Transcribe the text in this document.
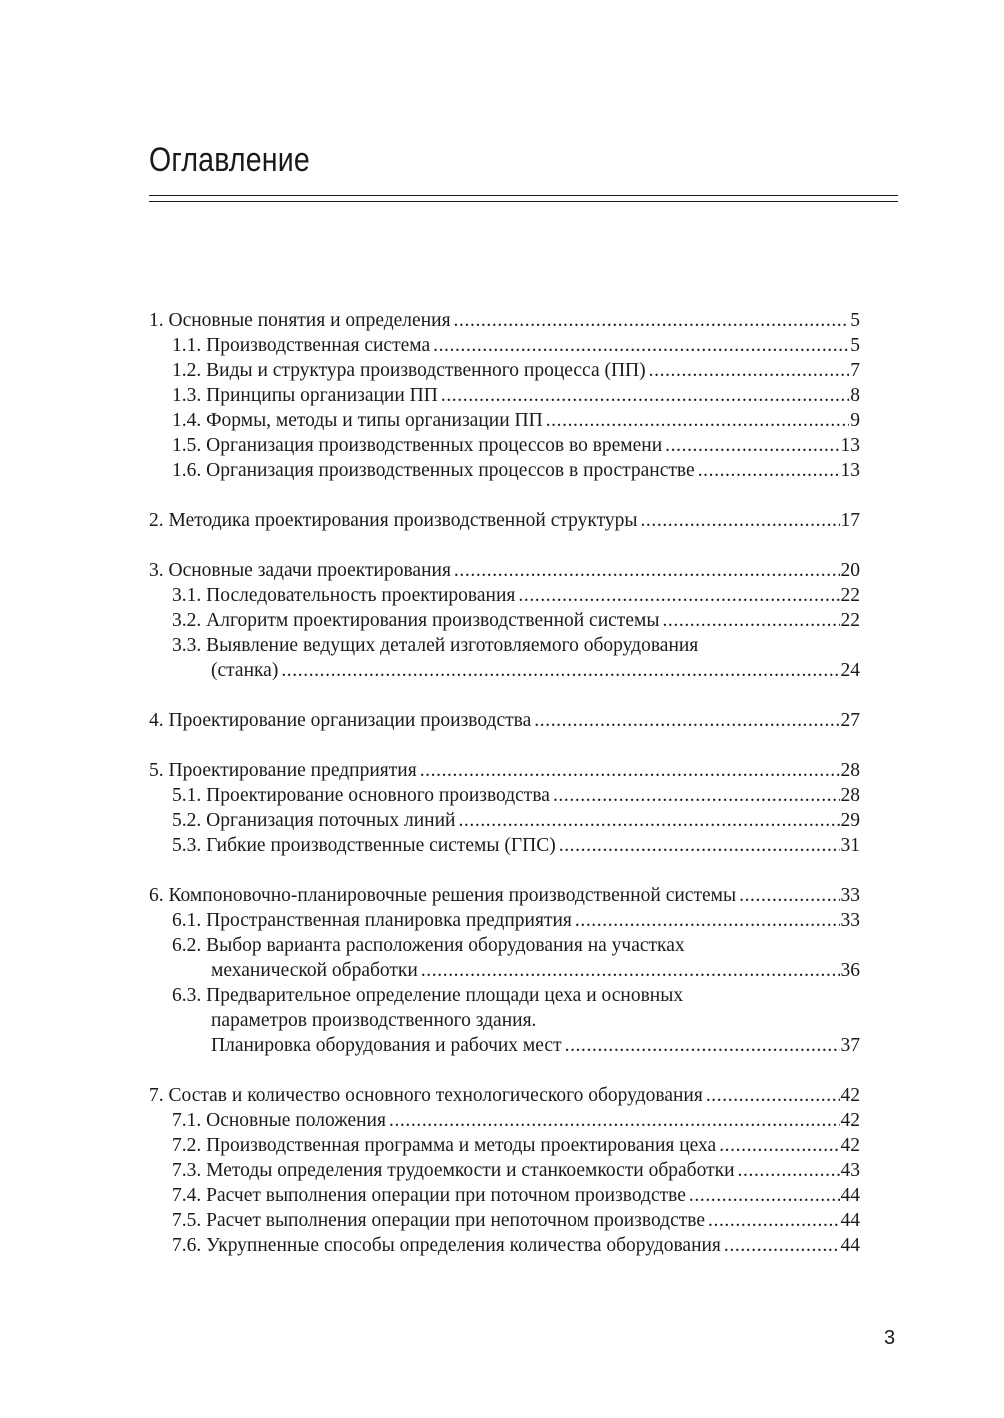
Оглавление
1. Основные понятия и определения .....	5
1.1. Производственная система .....	5
1.2. Виды и структура производственного процесса (ПП) .....	7
1.3. Принципы организации ПП .....	8
1.4. Формы, методы и типы организации ПП .....	9
1.5. Организация производственных процессов во времени .....	13
1.6. Организация производственных процессов в пространстве .....	13
2. Методика проектирования производственной структуры .....	17
3. Основные задачи проектирования .....	20
3.1. Последовательность проектирования .....	22
3.2. Алгоритм проектирования производственной системы .....	22
3.3. Выявление ведущих деталей изготовляемого оборудования
(станка) .....	24
4. Проектирование организации производства .....	27
5. Проектирование предприятия .....	28
5.1. Проектирование основного производства .....	28
5.2. Организация поточных линий .....	29
5.3. Гибкие производственные системы (ГПС) .....	31
6. Компоновочно-планировочные решения производственной системы .....	33
6.1. Пространственная планировка предприятия .....	33
6.2. Выбор варианта расположения оборудования на участках
механической обработки .....	36
6.3. Предварительное определение площади цеха и основных
параметров производственного здания.
Планировка оборудования и рабочих мест .....	37
7. Состав и количество основного технологического оборудования .....	42
7.1. Основные положения .....	42
7.2. Производственная программа и методы проектирования цеха .....	42
7.3. Методы определения трудоемкости и станкоемкости обработки .....	43
7.4. Расчет выполнения операции при поточном производстве .....	44
7.5. Расчет выполнения операции при непоточном производстве .....	44
7.6. Укрупненные способы определения количества оборудования .....	44
3
